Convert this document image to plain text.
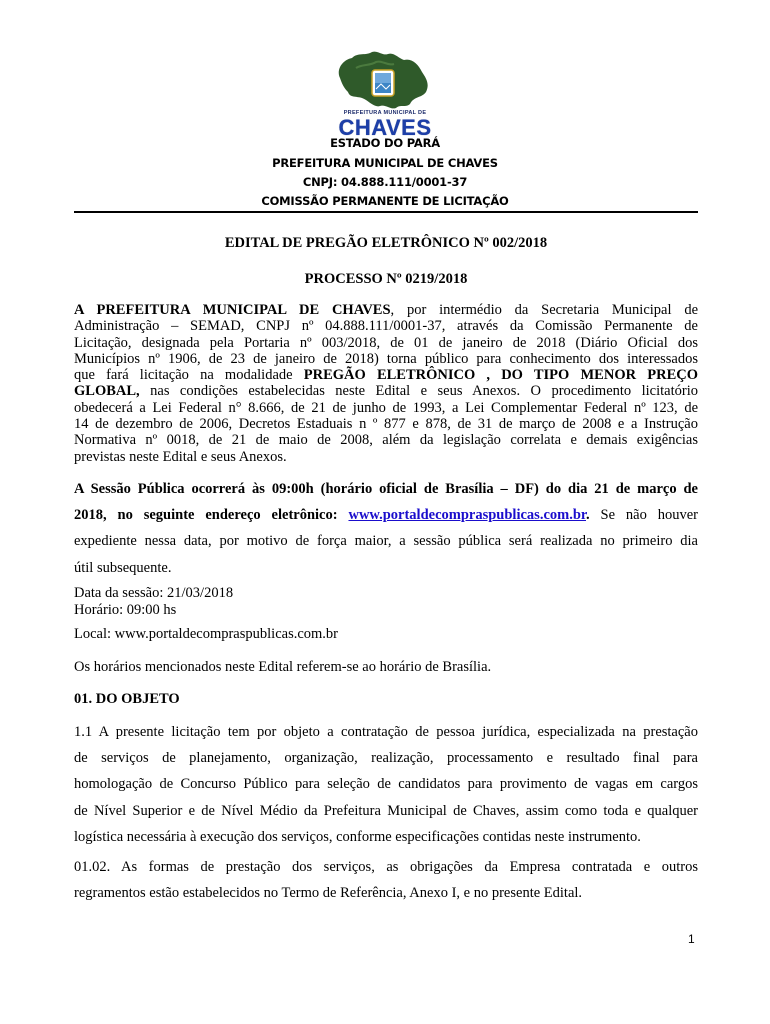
PREFEITURA MUNICIPAL DE
CHAVES
ESTADO DO PARÁ
PREFEITURA MUNICIPAL DE CHAVES
CNPJ: 04.888.111/0001-37
COMISSÃO PERMANENTE DE LICITAÇÃO
EDITAL DE PREGÃO ELETRÔNICO Nº 002/2018
PROCESSO Nº 0219/2018
A PREFEITURA MUNICIPAL DE CHAVES, por intermédio da Secretaria Municipal de
Administração – SEMAD, CNPJ nº 04.888.111/0001-37, através da Comissão Permanente de
Licitação, designada pela Portaria nº 003/2018, de 01 de janeiro de 2018 (Diário Oficial dos
Municípios nº 1906, de 23 de janeiro de 2018) torna público para conhecimento dos interessados
que fará licitação na modalidade PREGÃO ELETRÔNICO , DO TIPO MENOR PREÇO
GLOBAL, nas condições estabelecidas neste Edital e seus Anexos. O procedimento licitatório
obedecerá a Lei Federal n° 8.666, de 21 de junho de 1993, a Lei Complementar Federal nº 123, de
14 de dezembro de 2006, Decretos Estaduais n º 877 e 878, de 31 de março de 2008 e a Instrução
Normativa nº 0018, de 21 de maio de 2008, além da legislação correlata e demais exigências
previstas neste Edital e seus Anexos.
A Sessão Pública ocorrerá às 09:00h (horário oficial de Brasília – DF) do dia 21 de março de
2018, no seguinte endereço eletrônico: www.portaldecompraspublicas.com.br. Se não houver
expediente nessa data, por motivo de força maior, a sessão pública será realizada no primeiro dia
útil subsequente.
Data da sessão: 21/03/2018
Horário: 09:00 hs
Local: www.portaldecompraspublicas.com.br
Os horários mencionados neste Edital referem-se ao horário de Brasília.
01. DO OBJETO
1.1 A presente licitação tem por objeto a contratação de pessoa jurídica, especializada na prestação
de serviços de planejamento, organização, realização, processamento e resultado final para
homologação de Concurso Público para seleção de candidatos para provimento de vagas em cargos
de Nível Superior e de Nível Médio da Prefeitura Municipal de Chaves, assim como toda e qualquer
logística necessária à execução dos serviços, conforme especificações contidas neste instrumento.
01.02. As formas de prestação dos serviços, as obrigações da Empresa contratada e outros
regramentos estão estabelecidos no Termo de Referência, Anexo I, e no presente Edital.
1
